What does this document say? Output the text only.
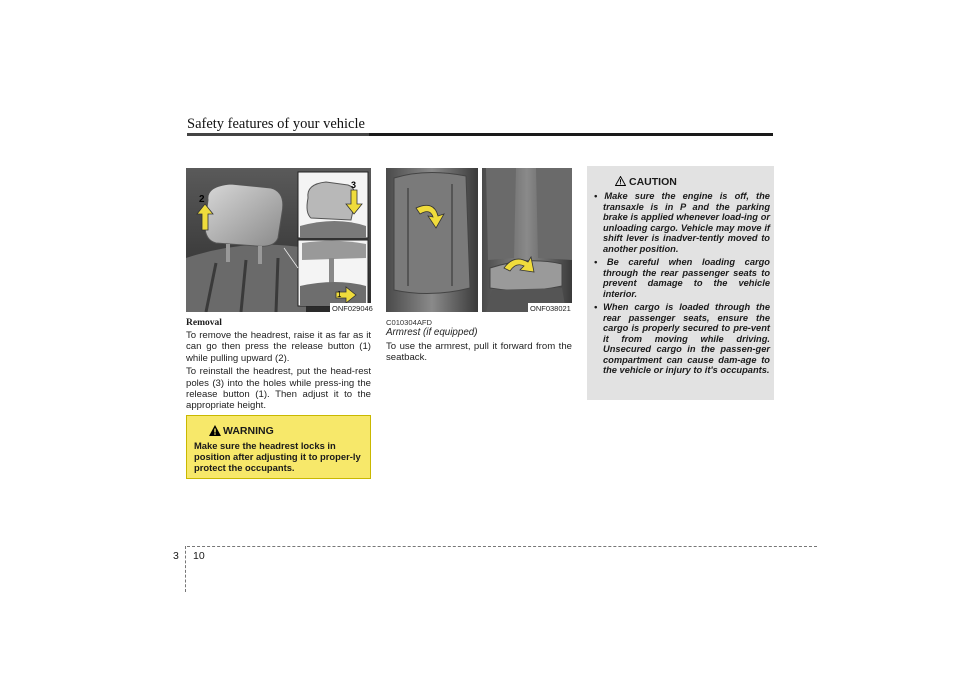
Safety features of your vehicle
2
3
1
ONF029046
Removal

To remove the headrest, raise it as far as it can go then press the release button (1) while pulling upward (2).

To reinstall the headrest, put the head-rest poles (3) into the holes while press-ing the release button (1). Then adjust it to the appropriate height.

WARNING
Make sure the headrest locks in position after adjusting it to proper-ly protect the occupants.
ONF038021
C010304AFD
Armrest (if equipped)
To use the armrest, pull it forward from the seatback.
CAUTION
• Make sure the engine is off, the transaxle is in P and the parking brake is applied whenever load-ing or unloading cargo. Vehicle may move if shift lever is inadver-tently moved to another position.
• Be careful when loading cargo through the rear passenger seats to prevent damage to the vehicle interior.
• When cargo is loaded through the rear passenger seats, ensure the cargo is properly secured to pre-vent it from moving while driving. Unsecured cargo in the passen-ger compartment can cause dam-age to the vehicle or injury to it's occupants.
3 10
